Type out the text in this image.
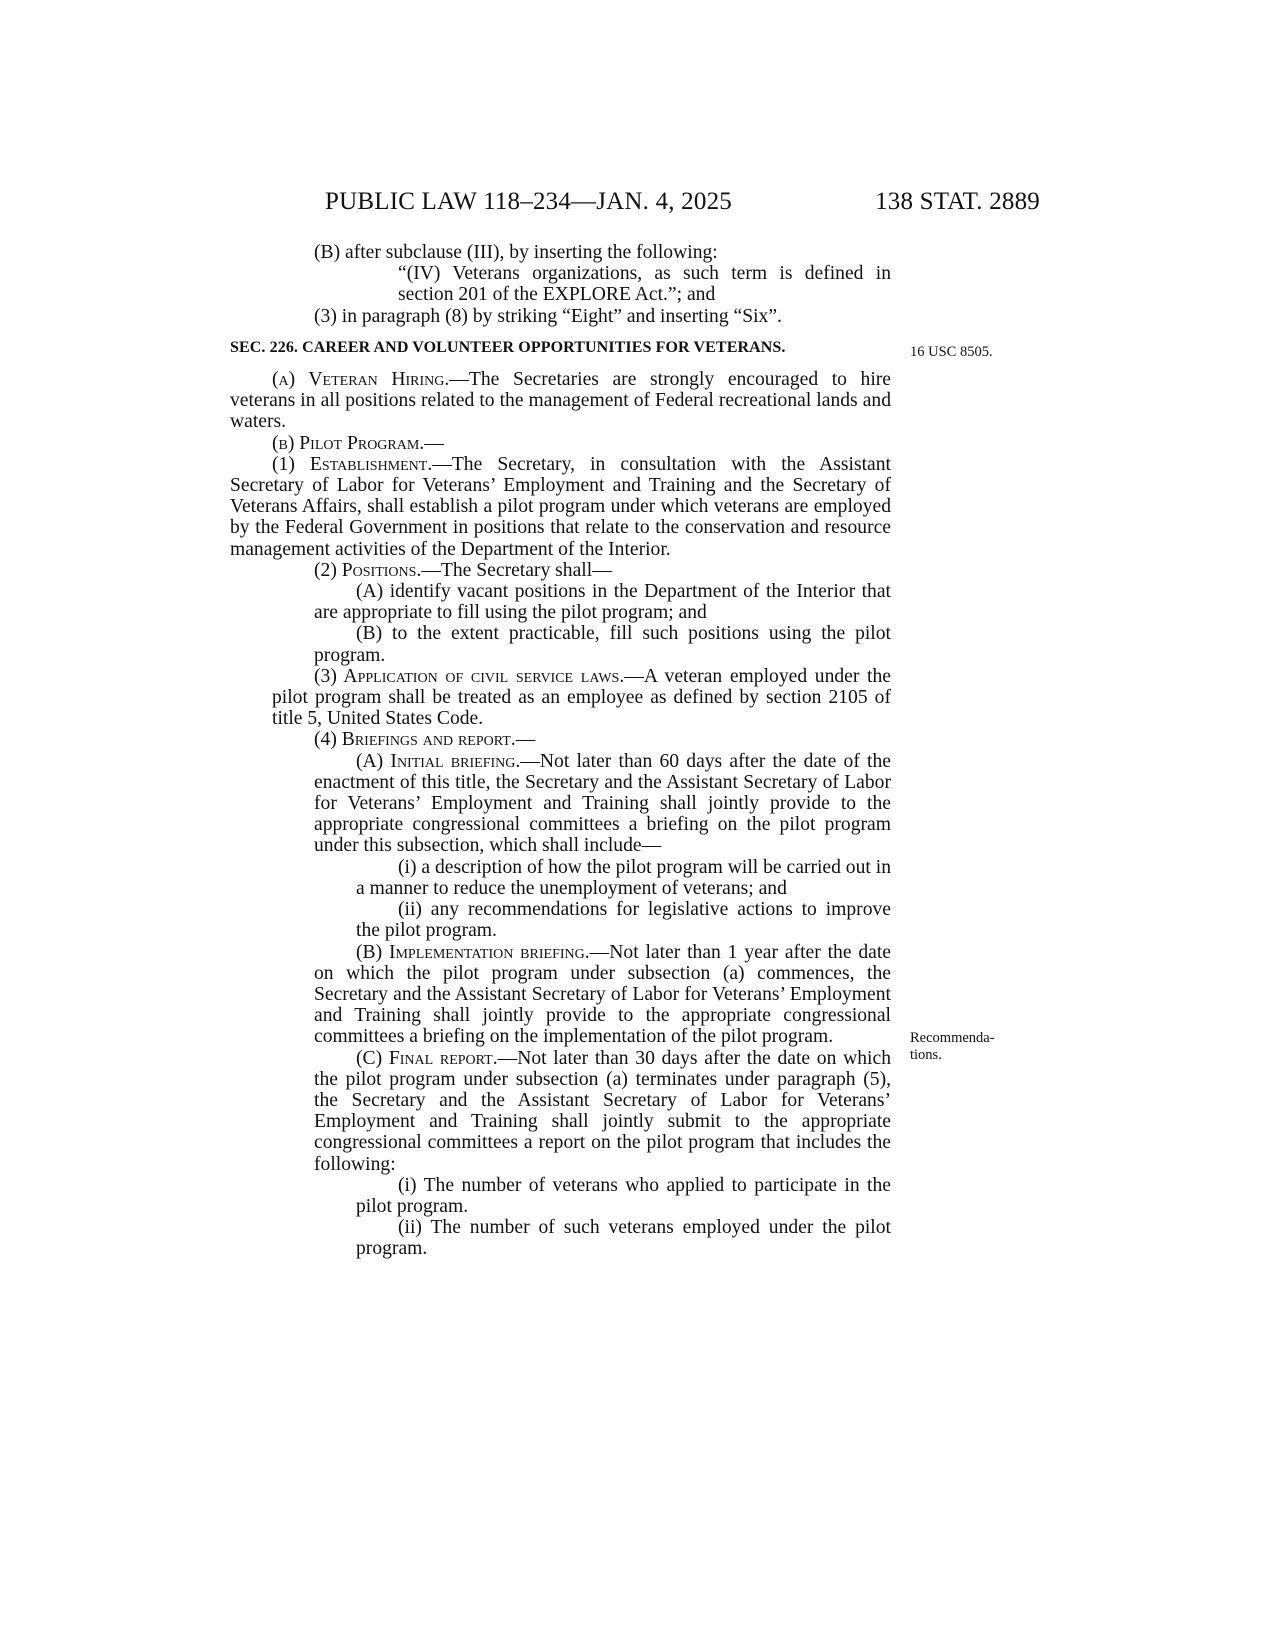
PUBLIC LAW 118–234—JAN. 4, 2025	138 STAT. 2889
16 USC 8505.
Recommenda-
tions.

(B) after subclause (III), by inserting the following:

“(IV) Veterans organizations, as such term is defined in section 201 of the EXPLORE Act.”; and

(3) in paragraph (8) by striking “Eight” and inserting “Six”.

SEC. 226. CAREER AND VOLUNTEER OPPORTUNITIES FOR VETERANS.

(a) Veteran Hiring.—The Secretaries are strongly encouraged to hire veterans in all positions related to the management of Federal recreational lands and waters.

(b) Pilot Program.—

(1) Establishment.—The Secretary, in consultation with the Assistant Secretary of Labor for Veterans’ Employment and Training and the Secretary of Veterans Affairs, shall establish a pilot program under which veterans are employed by the Federal Government in positions that relate to the conservation and resource management activities of the Department of the Interior.

(2) Positions.—The Secretary shall—

(A) identify vacant positions in the Department of the Interior that are appropriate to fill using the pilot program; and

(B) to the extent practicable, fill such positions using the pilot program.

(3) Application of civil service laws.—A veteran employed under the pilot program shall be treated as an employee as defined by section 2105 of title 5, United States Code.

(4) Briefings and report.—

(A) Initial briefing.—Not later than 60 days after the date of the enactment of this title, the Secretary and the Assistant Secretary of Labor for Veterans’ Employment and Training shall jointly provide to the appropriate congressional committees a briefing on the pilot program under this subsection, which shall include—

(i) a description of how the pilot program will be carried out in a manner to reduce the unemployment of veterans; and

(ii) any recommendations for legislative actions to improve the pilot program.

(B) Implementation briefing.—Not later than 1 year after the date on which the pilot program under subsection (a) commences, the Secretary and the Assistant Secretary of Labor for Veterans’ Employment and Training shall jointly provide to the appropriate congressional committees a briefing on the implementation of the pilot program.

(C) Final report.—Not later than 30 days after the date on which the pilot program under subsection (a) terminates under paragraph (5), the Secretary and the Assistant Secretary of Labor for Veterans’ Employment and Training shall jointly submit to the appropriate congressional committees a report on the pilot program that includes the following:

(i) The number of veterans who applied to participate in the pilot program.

(ii) The number of such veterans employed under the pilot program.
